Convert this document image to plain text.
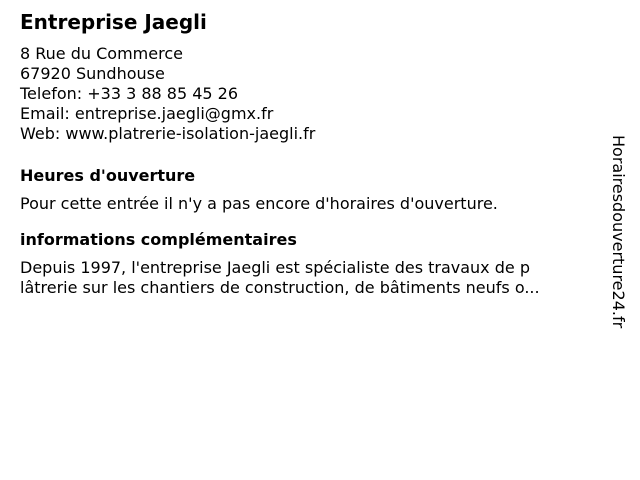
Entreprise Jaegli
8 Rue du Commerce
67920 Sundhouse
Telefon: +33 3 88 85 45 26
Email: entreprise.jaegli@gmx.fr
Web: www.platrerie-isolation-jaegli.fr
Heures d'ouverture
Pour cette entrée il n'y a pas encore d'horaires d'ouverture.
informations complémentaires
Depuis 1997, l'entreprise Jaegli est spécialiste des travaux de p
lâtrerie sur les chantiers de construction, de bâtiments neufs o...	Horairesdouverture24.fr
